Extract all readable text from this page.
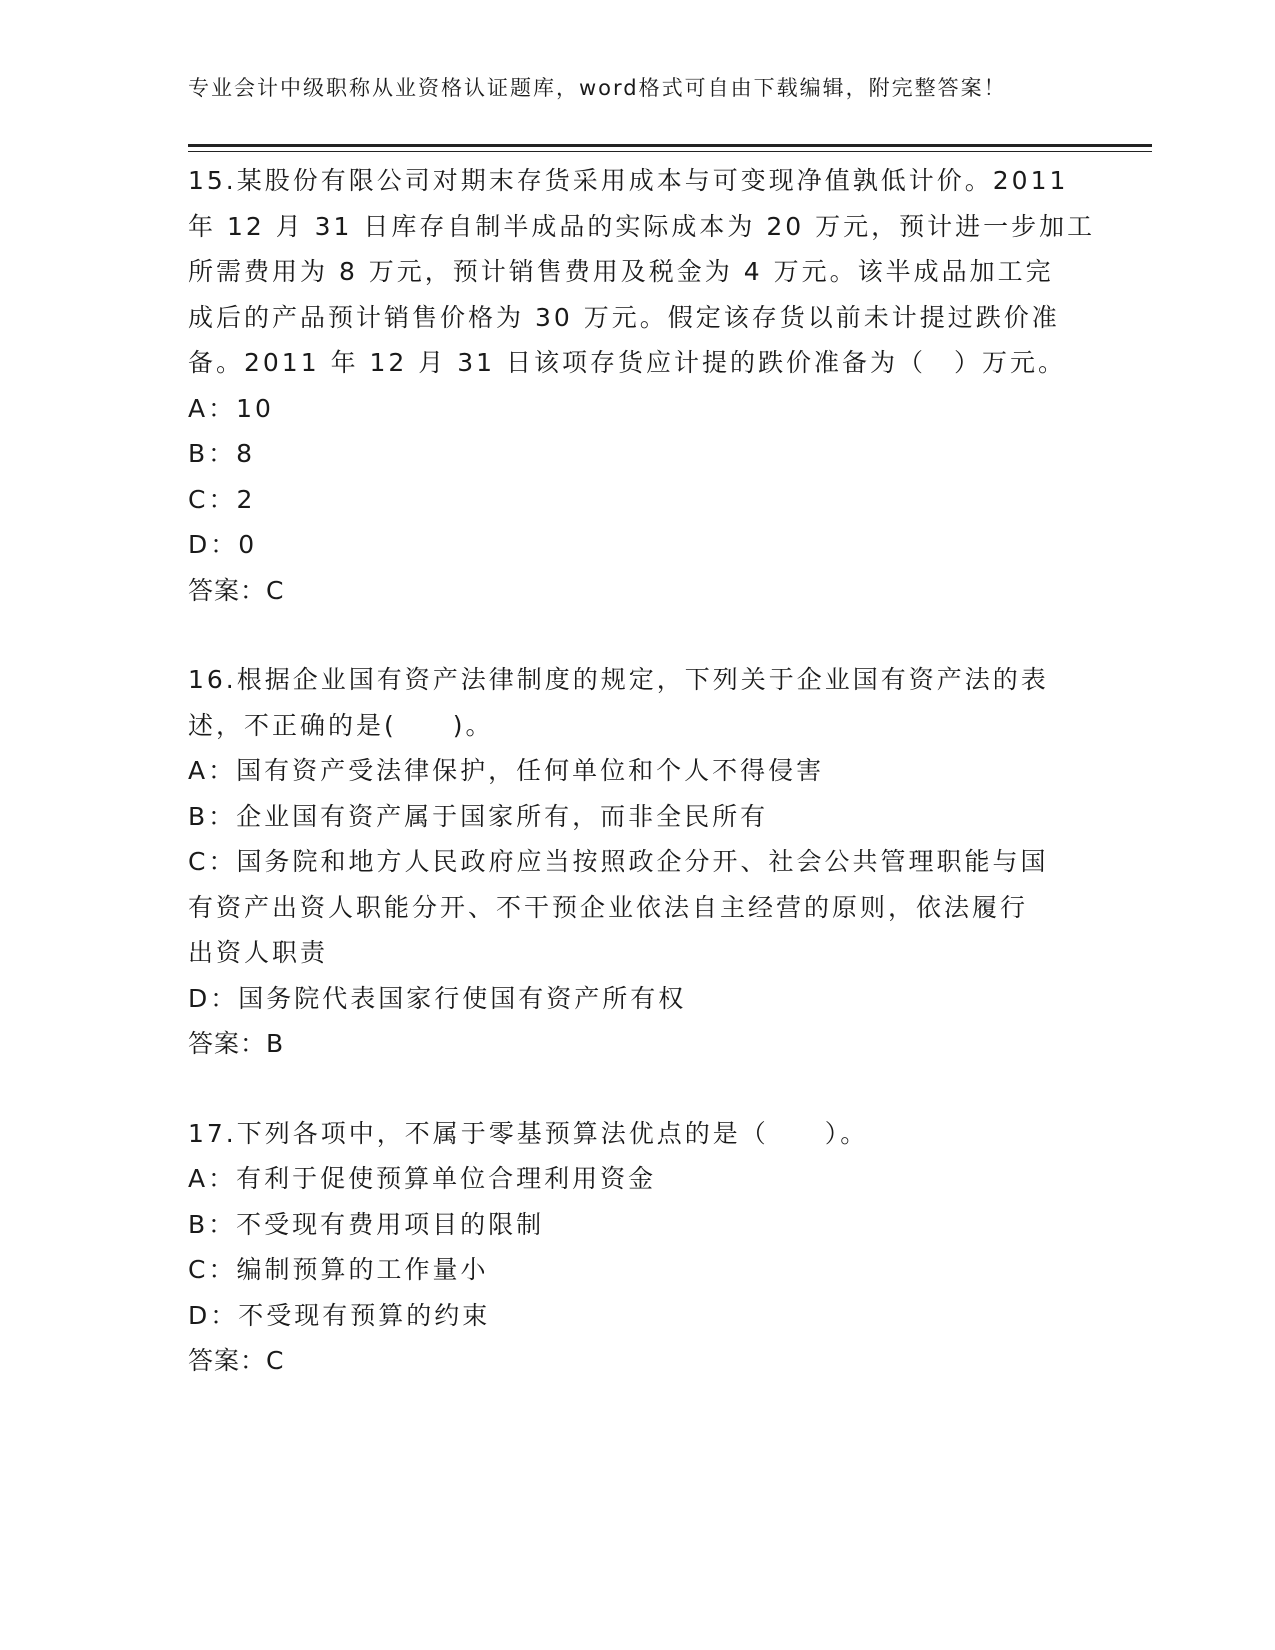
专业会计中级职称从业资格认证题库，word格式可自由下载编辑，附完整答案！
15.某股份有限公司对期末存货采用成本与可变现净值孰低计价。2011
年 12 月 31 日库存自制半成品的实际成本为 20 万元，预计进一步加工
所需费用为 8 万元，预计销售费用及税金为 4 万元。该半成品加工完
成后的产品预计销售价格为 30 万元。假定该存货以前未计提过跌价准
备。2011 年 12 月 31 日该项存货应计提的跌价准备为（　）万元。
A：10
B：8
C：2
D：0
答案：C
16.根据企业国有资产法律制度的规定，下列关于企业国有资产法的表
述，不正确的是(　　)。
A：国有资产受法律保护，任何单位和个人不得侵害
B：企业国有资产属于国家所有，而非全民所有
C：国务院和地方人民政府应当按照政企分开、社会公共管理职能与国
有资产出资人职能分开、不干预企业依法自主经营的原则，依法履行
出资人职责
D：国务院代表国家行使国有资产所有权
答案：B
17.下列各项中，不属于零基预算法优点的是（　　）。
A：有利于促使预算单位合理利用资金
B：不受现有费用项目的限制
C：编制预算的工作量小
D：不受现有预算的约束
答案：C
